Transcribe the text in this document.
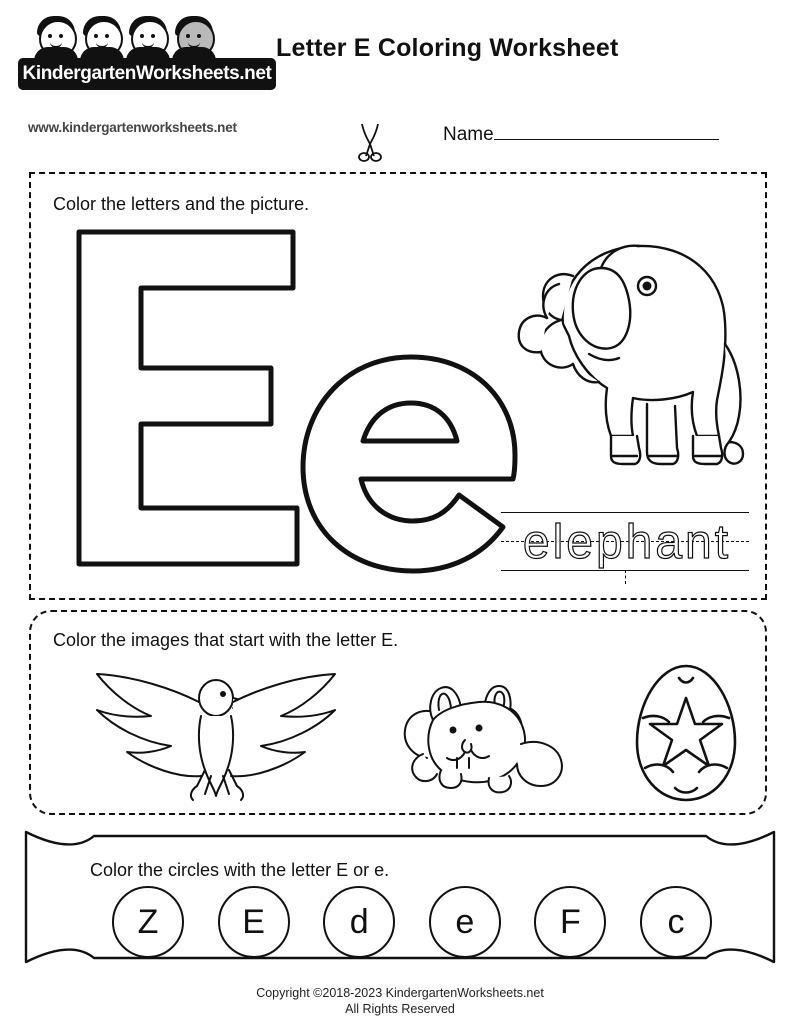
KindergartenWorksheets.net
www.kindergartenworksheets.net
Letter E Coloring Worksheet
Name
Color the letters and the picture.
elephant
Color the images that start with the letter E.
Color the circles with the letter E or e.
Z	E	d	e	F	c
Copyright ©2018-2023 KindergartenWorksheets.net
All Rights Reserved
